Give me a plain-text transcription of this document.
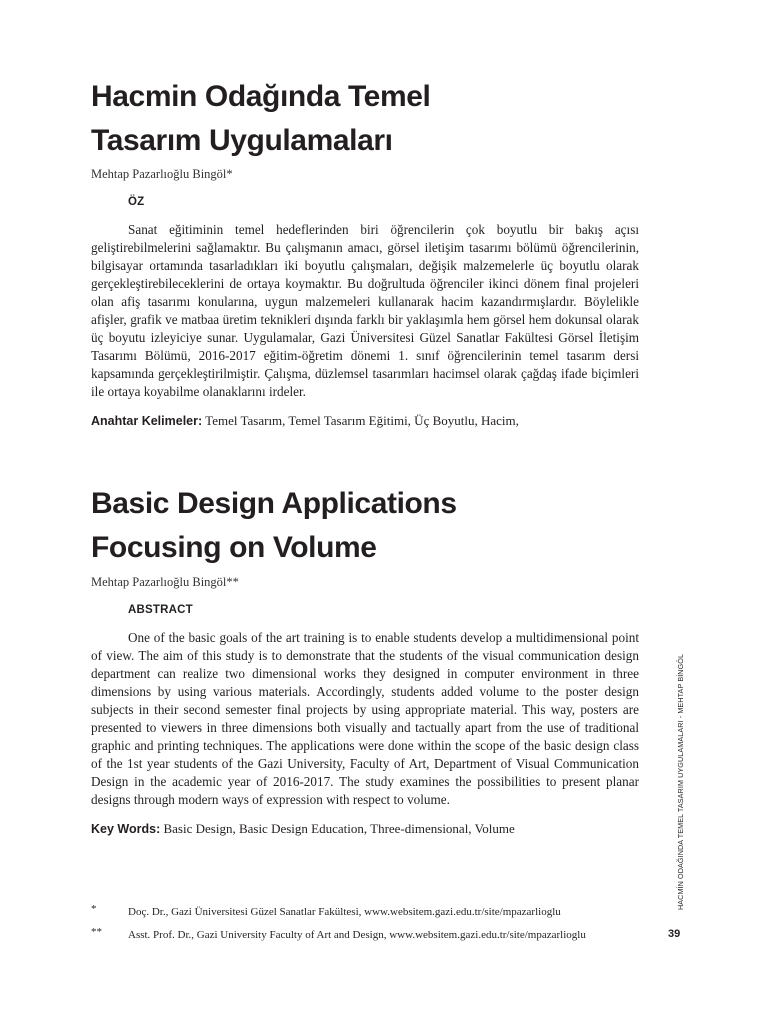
Hacmin Odağında Temel
Tasarım Uygulamaları
Mehtap Pazarlıoğlu Bingöl*
ÖZ

Sanat eğitiminin temel hedeflerinden biri öğrencilerin çok boyutlu bir bakış açısı geliştirebilmelerini sağlamaktır. Bu çalışmanın amacı, görsel iletişim tasarımı bölümü öğrencilerinin, bilgisayar ortamında tasarladıkları iki boyutlu çalışmaları, değişik malzemelerle üç boyutlu olarak gerçekleştirebileceklerini de ortaya koymaktır. Bu doğrultuda öğrenciler ikinci dönem final projeleri olan afiş tasarımı konularına, uygun malzemeleri kullanarak hacim kazandırmışlardır. Böylelikle afişler, grafik ve matbaa üretim teknikleri dışında farklı bir yaklaşımla hem görsel hem dokunsal olarak üç boyutu izleyiciye sunar. Uygulamalar, Gazi Üniversitesi Güzel Sanatlar Fakültesi Görsel İletişim Tasarımı Bölümü, 2016-2017 eğitim-öğretim dönemi 1. sınıf öğrencilerinin temel tasarım dersi kapsamında gerçekleştirilmiştir. Çalışma, düzlemsel tasarımları hacimsel olarak çağdaş ifade biçimleri ile ortaya koyabilme olanaklarını irdeler.

Anahtar Kelimeler: Temel Tasarım, Temel Tasarım Eğitimi, Üç Boyutlu, Hacim,
Basic Design Applications
Focusing on Volume
Mehtap Pazarlıoğlu Bingöl**
ABSTRACT

One of the basic goals of the art training is to enable students develop a multidimensional point of view. The aim of this study is to demonstrate that the students of the visual communication design department can realize two dimensional works they designed in computer environment in three dimensions by using various materials. Accordingly, students added volume to the poster design subjects in their second semester final projects by using appropriate material. This way, posters are presented to viewers in three dimensions both visually and tactually apart from the use of traditional graphic and printing techniques. The applications were done within the scope of the basic design class of the 1st year students of the Gazi University, Faculty of Art, Department of Visual Communication Design in the academic year of 2016-2017. The study examines the possibilities to present planar designs through modern ways of expression with respect to volume.

Key Words: Basic Design, Basic Design Education, Three-dimensional, Volume
*	Doç. Dr., Gazi Üniversitesi Güzel Sanatlar Fakültesi, www.websitem.gazi.edu.tr/site/mpazarlioglu
** Asst. Prof. Dr., Gazi University Faculty of Art and Design, www.websitem.gazi.edu.tr/site/mpazarlioglu
HACMİN ODAĞINDA TEMEL TASARIM UYGULAMALARI - MEHTAP BİNGÖL
39
